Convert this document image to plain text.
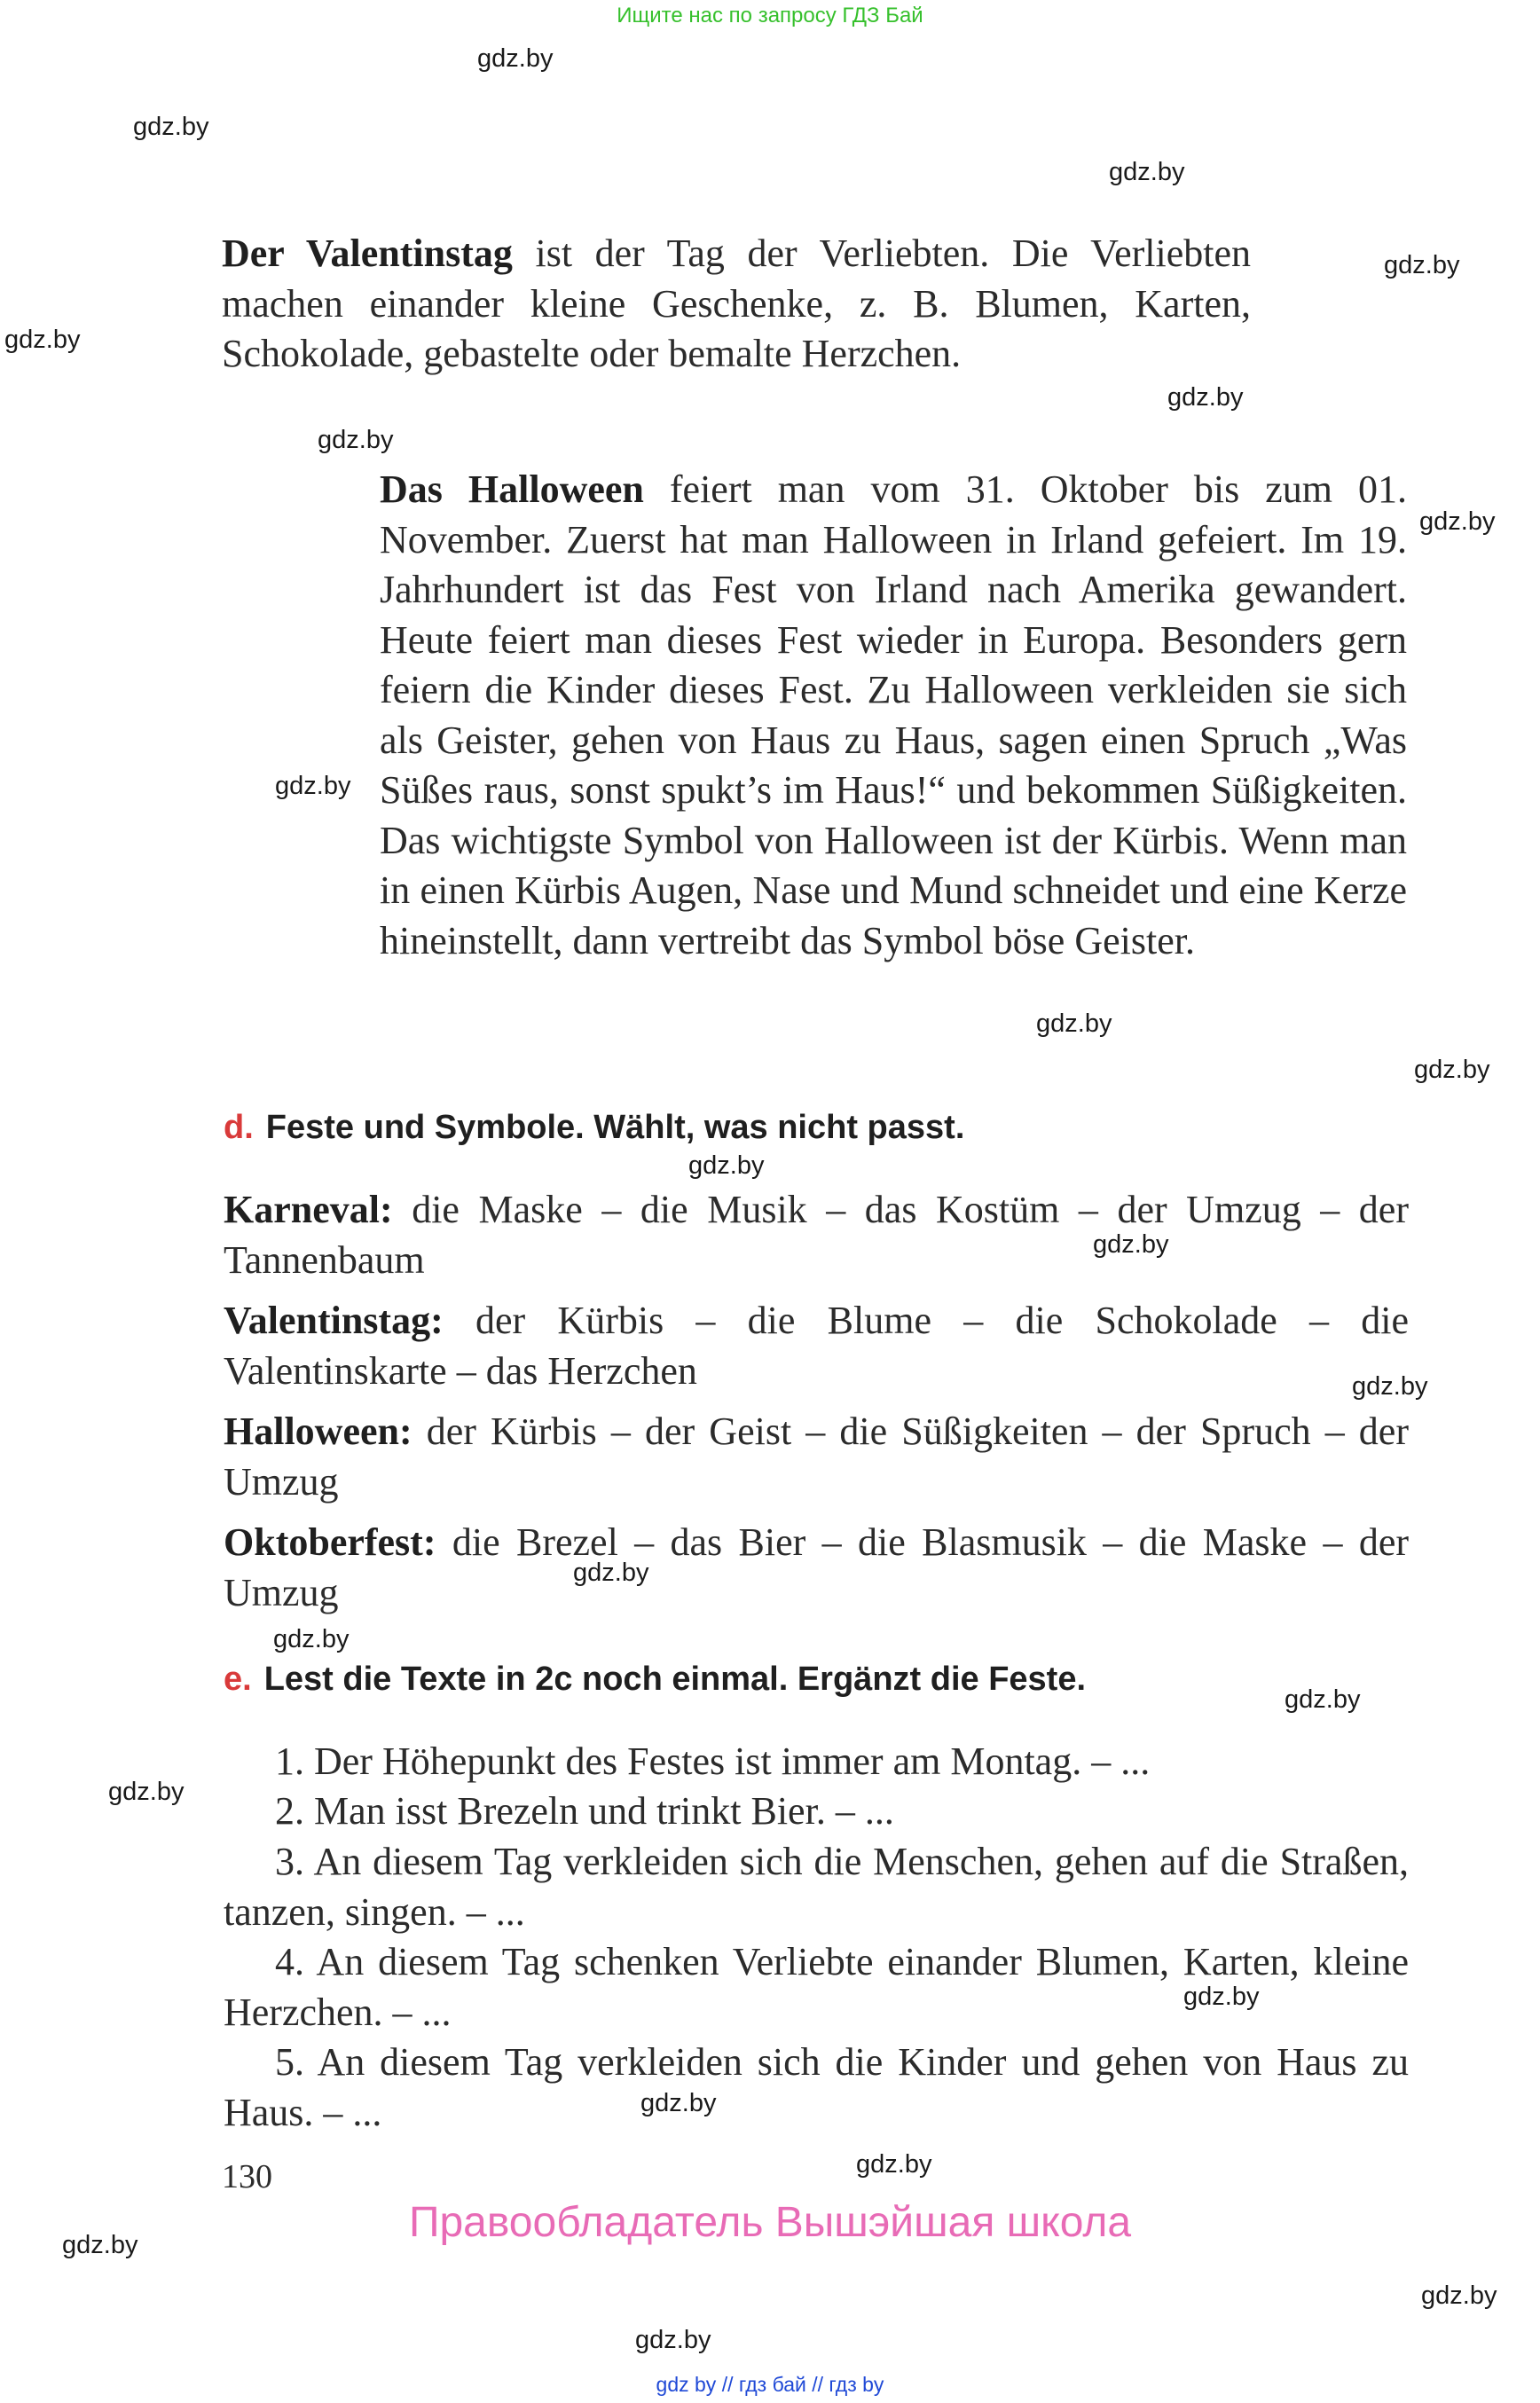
Ищите нас по запросу ГДЗ Бай
gdz.by
gdz.by
gdz.by
gdz.by
gdz.by
gdz.by
gdz.by
gdz.by
gdz.by
gdz.by
gdz.by
gdz.by
gdz.by
gdz.by
gdz.by
gdz.by
gdz.by
gdz.by
gdz.by
gdz.by
gdz.by
gdz.by
gdz.by
gdz.by
Der Valentinstag ist der Tag der Verliebten. Die Verliebten machen einander kleine Geschenke, z. B. Blumen, Karten, Schokolade, gebastelte oder bemalte Herzchen.
Das Halloween feiert man vom 31. Oktober bis zum 01. November. Zuerst hat man Halloween in Irland gefeiert. Im 19. Jahrhundert ist das Fest von Irland nach Amerika gewandert. Heute feiert man dieses Fest wieder in Europa. Besonders gern feiern die Kinder dieses Fest. Zu Halloween verkleiden sie sich als Geister, gehen von Haus zu Haus, sagen einen Spruch „Was Süßes raus, sonst spukt’s im Haus!“ und bekommen Süßigkeiten. Das wichtigste Symbol von Halloween ist der Kürbis. Wenn man in einen Kürbis Augen, Nase und Mund schneidet und eine Kerze hineinstellt, dann vertreibt das Symbol böse Geister.
d. Feste und Symbole. Wählt, was nicht passt.
Karneval: die Maske – die Musik – das Kostüm – der Umzug – der Tannenbaum
Valentinstag: der Kürbis – die Blume – die Schokolade – die Valentinskarte – das Herzchen
Halloween: der Kürbis – der Geist – die Süßigkeiten – der Spruch – der Umzug
Oktoberfest: die Brezel – das Bier – die Blasmusik – die Maske – der Umzug
e. Lest die Texte in 2c noch einmal. Ergänzt die Feste.
1. Der Höhepunkt des Festes ist immer am Montag. – ...
2. Man isst Brezeln und trinkt Bier. – ...
3. An diesem Tag verkleiden sich die Menschen, gehen auf die Straßen, tanzen, singen. – ...
4. An diesem Tag schenken Verliebte einander Blumen, Karten, kleine Herzchen. – ...
5. An diesem Tag verkleiden sich die Kinder und gehen von Haus zu Haus. – ...
130
Правообладатель Вышэйшая школа
gdz by // гдз бай // гдз by
